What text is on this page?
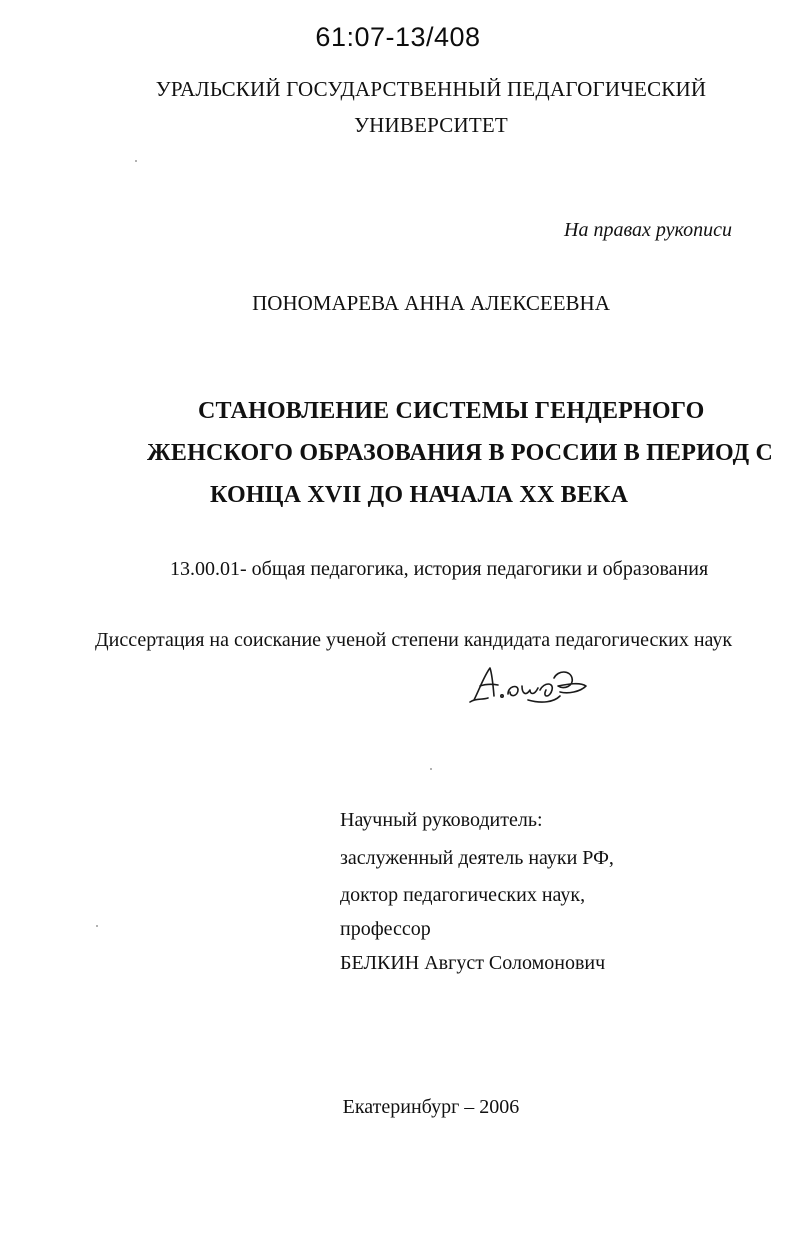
61:07-13/408
УРАЛЬСКИЙ ГОСУДАРСТВЕННЫЙ ПЕДАГОГИЧЕСКИЙ
УНИВЕРСИТЕТ
На правах рукописи
ПОНОМАРЕВА АННА АЛЕКСЕЕВНА
СТАНОВЛЕНИЕ СИСТЕМЫ ГЕНДЕРНОГО
ЖЕНСКОГО ОБРАЗОВАНИЯ В РОССИИ В ПЕРИОД С
КОНЦА XVII ДО НАЧАЛА XX ВЕКА
13.00.01- общая педагогика, история педагогики и образования
Диссертация на соискание ученой степени кандидата педагогических наук
Научный руководитель:
заслуженный деятель науки РФ,
доктор педагогических наук,
профессор
БЕЛКИН Август Соломонович
Екатеринбург – 2006
